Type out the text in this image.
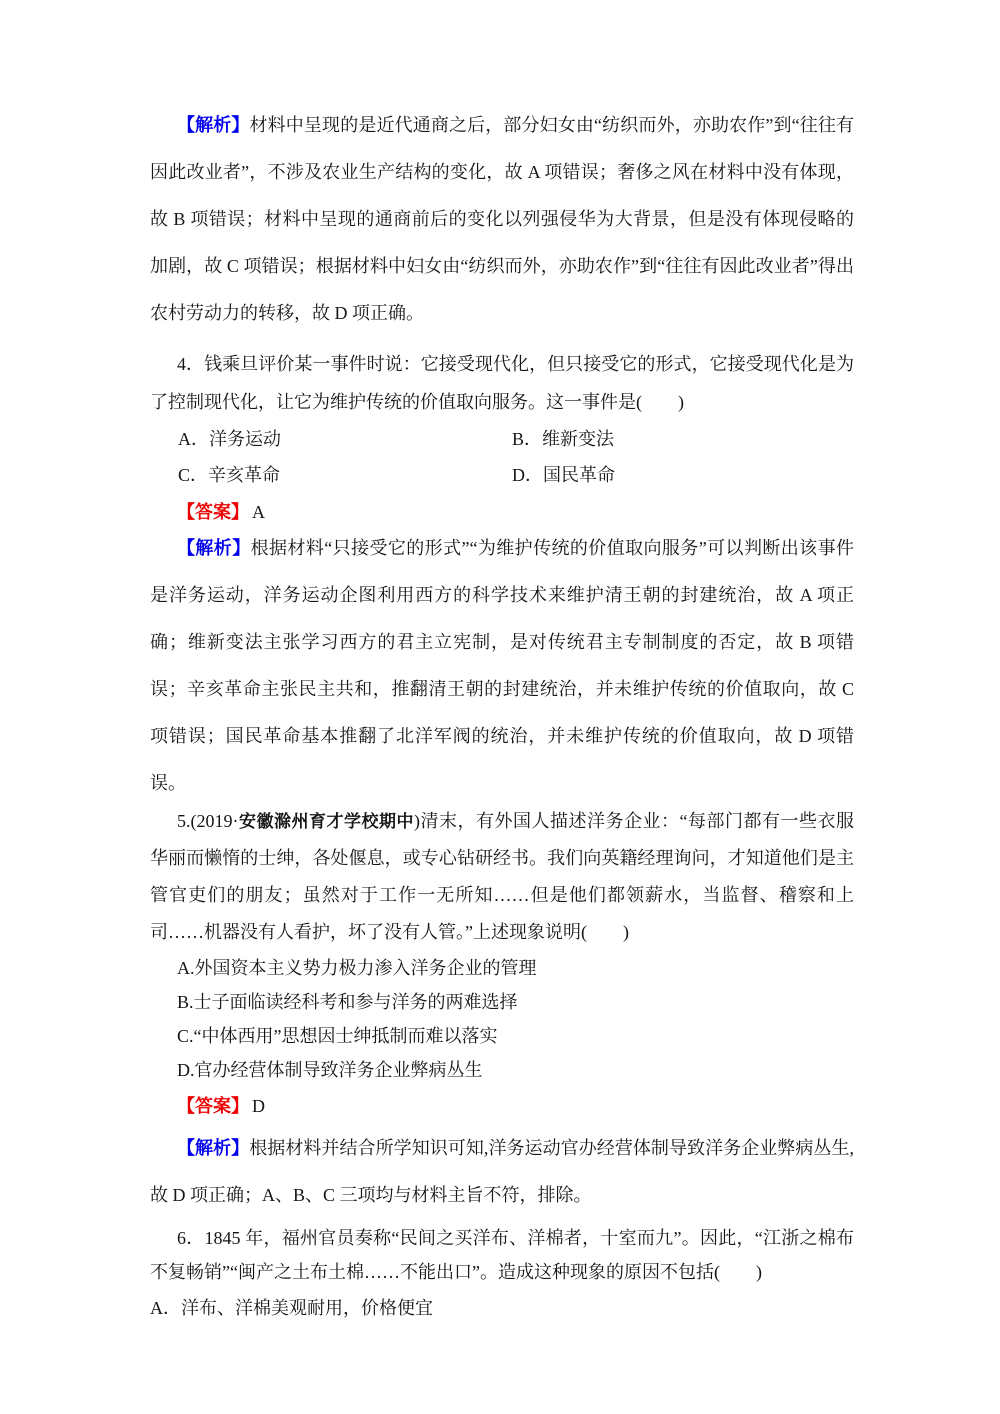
【解析】材料中呈现的是近代通商之后，部分妇女由“纺织而外，亦助农作”到“往往有因此改业者”，不涉及农业生产结构的变化，故 A 项错误；奢侈之风在材料中没有体现，故 B 项错误；材料中呈现的通商前后的变化以列强侵华为大背景，但是没有体现侵略的加剧，故 C 项错误；根据材料中妇女由“纺织而外，亦助农作”到“往往有因此改业者”得出农村劳动力的转移，故 D 项正确。

4．钱乘旦评价某一事件时说：它接受现代化，但只接受它的形式，它接受现代化是为了控制现代化，让它为维护传统的价值取向服务。这一事件是(　　)

A．洋务运动	B．维新变法
C．辛亥革命	D．国民革命

【答案】 A

【解析】根据材料“只接受它的形式”“为维护传统的价值取向服务”可以判断出该事件是洋务运动，洋务运动企图利用西方的科学技术来维护清王朝的封建统治，故 A 项正确；维新变法主张学习西方的君主立宪制，是对传统君主专制制度的否定，故 B 项错误；辛亥革命主张民主共和，推翻清王朝的封建统治，并未维护传统的价值取向，故 C 项错误；国民革命基本推翻了北洋军阀的统治，并未维护传统的价值取向，故 D 项错误。

5.(2019·安徽滁州育才学校期中)清末，有外国人描述洋务企业：“每部门都有一些衣服华丽而懒惰的士绅，各处偃息，或专心钻研经书。我们向英籍经理询问，才知道他们是主管官吏们的朋友；虽然对于工作一无所知……但是他们都领薪水，当监督、稽察和上司……机器没有人看护，坏了没有人管。”上述现象说明(　　)

A.外国资本主义势力极力渗入洋务企业的管理

B.士子面临读经科考和参与洋务的两难选择

C.“中体西用”思想因士绅抵制而难以落实

D.官办经营体制导致洋务企业弊病丛生

【答案】 D

【解析】根据材料并结合所学知识可知,洋务运动官办经营体制导致洋务企业弊病丛生,故 D 项正确；A、B、C 三项均与材料主旨不符，排除。

6．1845 年，福州官员奏称“民间之买洋布、洋棉者，十室而九”。因此，“江浙之棉布不复畅销”“闽产之土布土棉……不能出口”。造成这种现象的原因不包括(　　)

A．洋布、洋棉美观耐用，价格便宜
